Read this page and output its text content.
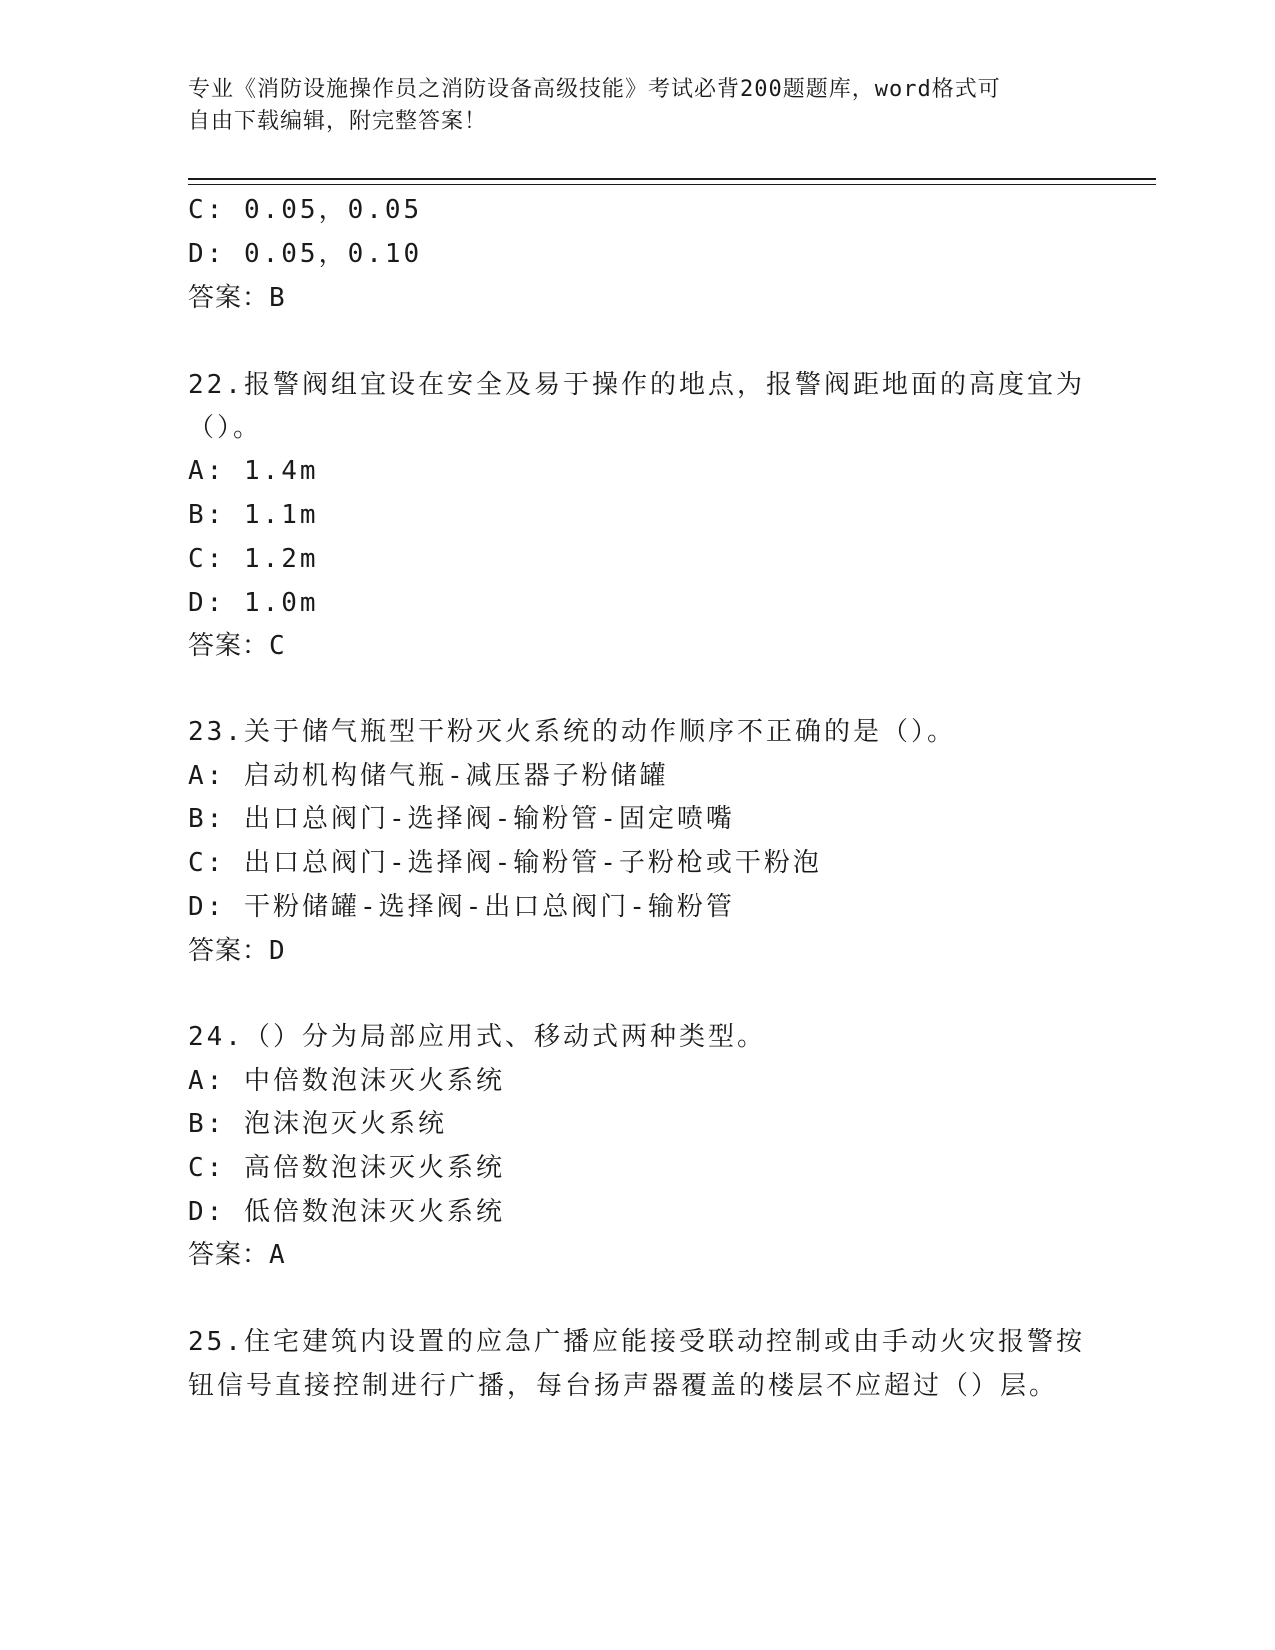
专业《消防设施操作员之消防设备高级技能》考试必背200题题库，word格式可
自由下载编辑，附完整答案！
C: 0.05，0.05
D: 0.05，0.10
答案：B
22.报警阀组宜设在安全及易于操作的地点，报警阀距地面的高度宜为
（）。
A: 1.4m
B: 1.1m
C: 1.2m
D: 1.0m
答案：C
23.关于储气瓶型干粉灭火系统的动作顺序不正确的是（）。
A: 启动机构储气瓶-减压器子粉储罐
B: 出口总阀门-选择阀-输粉管-固定喷嘴
C: 出口总阀门-选择阀-输粉管-子粉枪或干粉泡
D: 干粉储罐-选择阀-出口总阀门-输粉管
答案：D
24.（）分为局部应用式、移动式两种类型。
A: 中倍数泡沫灭火系统
B: 泡沫泡灭火系统
C: 高倍数泡沫灭火系统
D: 低倍数泡沫灭火系统
答案：A
25.住宅建筑内设置的应急广播应能接受联动控制或由手动火灾报警按
钮信号直接控制进行广播，每台扬声器覆盖的楼层不应超过（）层。
